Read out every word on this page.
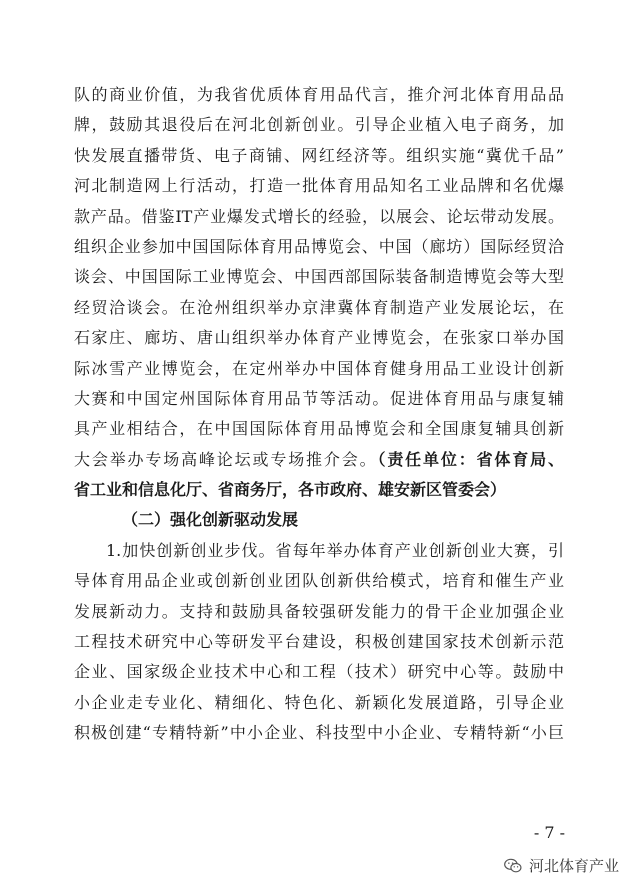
队的商业价值，为我省优质体育用品代言，推介河北体育用品品
牌，鼓励其退役后在河北创新创业。引导企业植入电子商务，加
快发展直播带货、电子商铺、网红经济等。组织实施“冀优千品”
河北制造网上行活动，打造一批体育用品知名工业品牌和名优爆
款产品。借鉴IT产业爆发式增长的经验，以展会、论坛带动发展。
组织企业参加中国国际体育用品博览会、中国（廊坊）国际经贸洽
谈会、中国国际工业博览会、中国西部国际装备制造博览会等大型
经贸洽谈会。在沧州组织举办京津冀体育制造产业发展论坛，在
石家庄、廊坊、唐山组织举办体育产业博览会，在张家口举办国
际冰雪产业博览会，在定州举办中国体育健身用品工业设计创新
大赛和中国定州国际体育用品节等活动。促进体育用品与康复辅
具产业相结合，在中国国际体育用品博览会和全国康复辅具创新
大会举办专场高峰论坛或专场推介会。（责任单位：省体育局、
省工业和信息化厅、省商务厅，各市政府、雄安新区管委会）
（二）强化创新驱动发展
1.加快创新创业步伐。省每年举办体育产业创新创业大赛，引
导体育用品企业或创新创业团队创新供给模式，培育和催生产业
发展新动力。支持和鼓励具备较强研发能力的骨干企业加强企业
工程技术研究中心等研发平台建设，积极创建国家技术创新示范
企业、国家级企业技术中心和工程（技术）研究中心等。鼓励中
小企业走专业化、精细化、特色化、新颖化发展道路，引导企业
积极创建“专精特新”中小企业、科技型中小企业、专精特新“小巨
- 7 -
河北体育产业
